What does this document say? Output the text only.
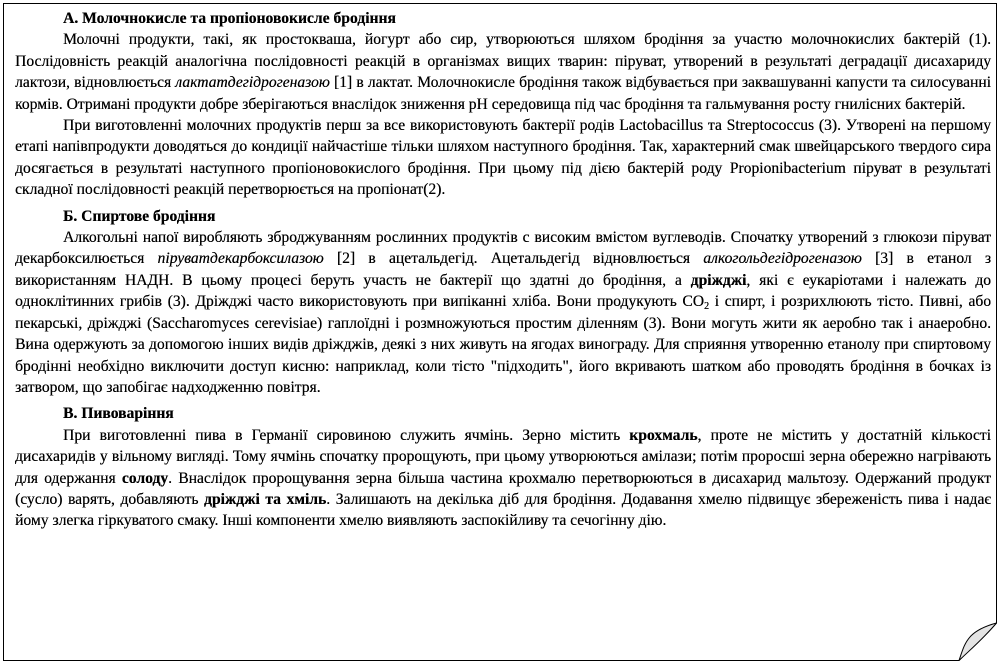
А. Молочнокисле та пропіоновокисле бродіння

Молочні продукти, такі, як простокваша, йогурт або сир, утворюються шляхом бродіння за участю молочнокислих бактерій (1). Послідовність реакцій аналогічна послідовності реакцій в організмах вищих тварин: піруват, утворений в результаті деградації дисахариду лактози, відновлюється лактатдегідрогеназою [1] в лактат. Молочнокисле бродіння також відбувається при заквашуванні капусти та силосуванні кормів. Отримані продукти добре зберігаються внаслідок зниження pH середовища під час бродіння та гальмування росту гнилісних бактерій.

При виготовленні молочних продуктів перш за все використовують бактерії родів Lactobacillus та Streptococcus (3). Утворені на першому етапі напівпродукти доводяться до кондиції найчастіше тільки шляхом наступного бродіння. Так, характерний смак швейцарського твердого сира досягається в результаті наступного пропіоновокислого бродіння. При цьому під дією бактерій роду Propionibacterium піруват в результаті складної послідовності реакцій перетворюється на пропіонат(2).

Б. Спиртове бродіння

Алкогольні напої виробляють зброджуванням рослинних продуктів с високим вмістом вуглеводів. Спочатку утворений з глюкози піруват декарбоксилюється піруватдекарбоксилазою [2] в ацетальдегід. Ацетальдегід відновлюється алкогольдегідрогеназою [3] в етанол з використанням НАДН. В цьому процесі беруть участь не бактерії що здатні до бродіння, а дріжджі, які є еукаріотами і належать до одноклітинних грибів (3). Дріжджі часто використовують при випіканні хліба. Вони продукують $СО_2$ і спирт, і розрихлюють тісто. Пивні, або пекарські, дріжджі (Saccharomyces cerevisiae) гаплоїдні і розмножуються простим діленням (3). Вони могуть жити як аеробно так і анаеробно. Вина одержують за допомогою інших видів дріжджів, деякі з них живуть на ягодах винограду. Для сприяння утворенню етанолу при спиртовому бродінні необхідно виключити доступ кисню: наприклад, коли тісто "підходить", його вкривають шатком або проводять бродіння в бочках із затвором, що запобігає надходженню повітря.

В. Пивоваріння

При виготовленні пива в Германії сировиною служить ячмінь. Зерно містить крохмаль, проте не містить у достатній кількості дисахаридів у вільному вигляді. Тому ячмінь спочатку пророщують, при цьому утворюються амілази; потім проросші зерна обережно нагрівають для одержання солоду. Внаслідок пророщування зерна більша частина крохмалю перетворюються в дисахарид мальтозу. Одержаний продукт (сусло) варять, добавляють дріжджі та хміль. Залишають на декілька діб для бродіння. Додавання хмелю підвищує збереженість пива і надає йому злегка гіркуватого смаку. Інші компоненти хмелю виявляють заспокійливу та сечогінну дію.
